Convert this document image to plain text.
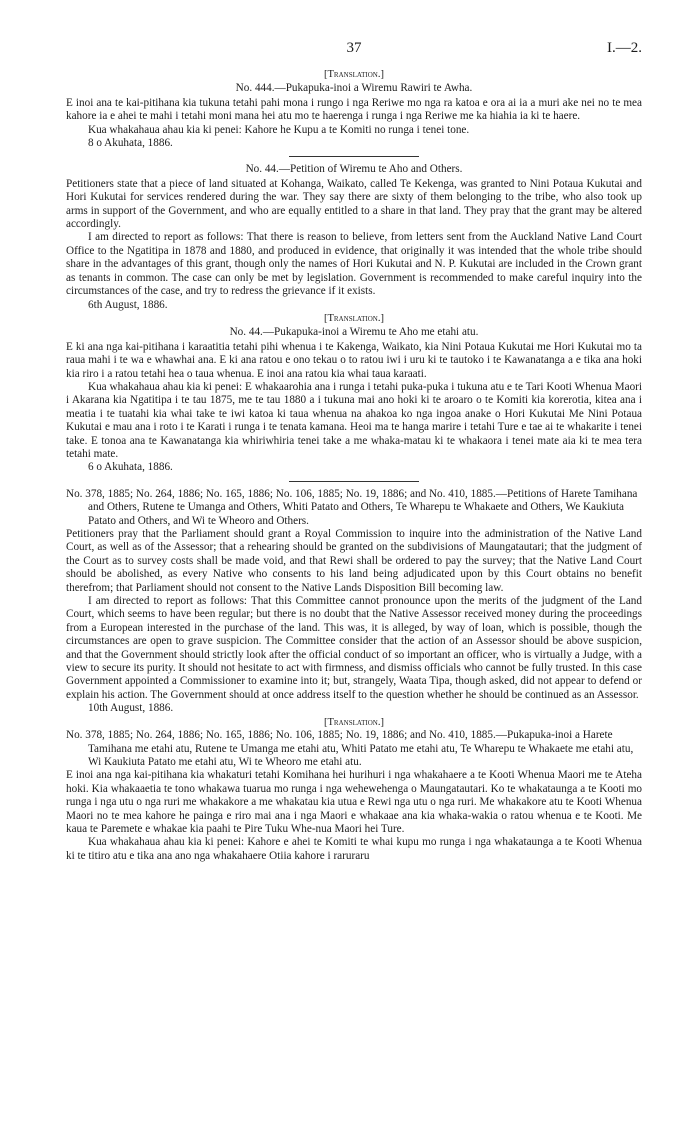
37	I.—2.
[Translation.]
No. 444.—Pukapuka-inoi a Wiremu Rawiri te Awha.

E inoi ana te kai-pitihana kia tukuna tetahi pahi mona i rungo i nga Reriwe mo nga ra katoa e ora ai ia a muri ake nei no te mea kahore ia e ahei te mahi i tetahi moni mana hei atu mo te haerenga i runga i nga Reriwe me ka hiahia ia ki te haere.

Kua whakahaua ahau kia ki penei: Kahore he Kupu a te Komiti no runga i tenei tone.

8 o Akuhata, 1886.
No. 44.—Petition of Wiremu te Aho and Others.

Petitioners state that a piece of land situated at Kohanga, Waikato, called Te Kekenga, was granted to Nini Potaua Kukutai and Hori Kukutai for services rendered during the war. They say there are sixty of them belonging to the tribe, who also took up arms in support of the Government, and who are equally entitled to a share in that land. They pray that the grant may be altered accordingly.

I am directed to report as follows: That there is reason to believe, from letters sent from the Auckland Native Land Court Office to the Ngatitipa in 1878 and 1880, and produced in evidence, that originally it was intended that the whole tribe should share in the advantages of this grant, though only the names of Hori Kukutai and N. P. Kukutai are included in the Crown grant as tenants in common. The case can only be met by legislation. Government is recommended to make careful inquiry into the circumstances of the case, and try to redress the grievance if it exists.

6th August, 1886.
[Translation.]
No. 44.—Pukapuka-inoi a Wiremu te Aho me etahi atu.

E ki ana nga kai-pitihana i karaatitia tetahi pihi whenua i te Kakenga, Waikato, kia Nini Potaua Kukutai me Hori Kukutai mo ta raua mahi i te wa e whawhai ana. E ki ana ratou e ono tekau o to ratou iwi i uru ki te tautoko i te Kawanatanga a e tika ana hoki kia riro i a ratou tetahi hea o taua whenua. E inoi ana ratou kia whai taua karaati.

Kua whakahaua ahau kia ki penei: E whakaarohia ana i runga i tetahi puka-puka i tukuna atu e te Tari Kooti Whenua Maori i Akarana kia Ngatitipa i te tau 1875, me te tau 1880 a i tukuna mai ano hoki ki te aroaro o te Komiti kia korerotia, kitea ana i meatia i te tuatahi kia whai take te iwi katoa ki taua whenua na ahakoa ko nga ingoa anake o Hori Kukutai Me Nini Potaua Kukutai e mau ana i roto i te Karati i runga i te tenata kamana. Heoi ma te hanga marire i tetahi Ture e tae ai te whakarite i tenei take. E tonoa ana te Kawanatanga kia whiriwhiria tenei take a me whaka-matau ki te whakaora i tenei mate aia ki te mea tera tetahi mate.

6 o Akuhata, 1886.

No. 378, 1885; No. 264, 1886; No. 165, 1886; No. 106, 1885; No. 19, 1886; and No. 410, 1885.—Petitions of Harete Tamihana and Others, Rutene te Umanga and Others, Whiti Patato and Others, Te Wharepu te Whakaete and Others, We Kaukiuta Patato and Others, and Wi te Wheoro and Others.

Petitioners pray that the Parliament should grant a Royal Commission to inquire into the administration of the Native Land Court, as well as of the Assessor; that a rehearing should be granted on the subdivisions of Maungatautari; that the judgment of the Court as to survey costs shall be made void, and that Rewi shall be ordered to pay the survey; that the Native Land Court should be abolished, as every Native who consents to his land being adjudicated upon by this Court obtains no benefit therefrom; that Parliament should not consent to the Native Lands Disposition Bill becoming law.

I am directed to report as follows: That this Committee cannot pronounce upon the merits of the judgment of the Land Court, which seems to have been regular; but there is no doubt that the Native Assessor received money during the proceedings from a European interested in the purchase of the land. This was, it is alleged, by way of loan, which is possible, though the circumstances are open to grave suspicion. The Committee consider that the action of an Assessor should be above suspicion, and that the Government should strictly look after the official conduct of so important an officer, who is virtually a Judge, with a view to secure its purity. It should not hesitate to act with firmness, and dismiss officials who cannot be fully trusted. In this case Government appointed a Commissioner to examine into it; but, strangely, Waata Tipa, though asked, did not appear to defend or explain his action. The Government should at once address itself to the question whether he should be continued as an Assessor.

10th August, 1886.
[Translation.]

No. 378, 1885; No. 264, 1886; No. 165, 1886; No. 106, 1885; No. 19, 1886; and No. 410, 1885.—Pukapuka-inoi a Harete Tamihana me etahi atu, Rutene te Umanga me etahi atu, Whiti Patato me etahi atu, Te Wharepu te Whakaete me etahi atu, Wi Kaukiuta Patato me etahi atu, Wi te Wheoro me etahi atu.

E inoi ana nga kai-pitihana kia whakaturi tetahi Komihana hei hurihuri i nga whakahaere a te Kooti Whenua Maori me te Ateha hoki. Kia whakaaetia te tono whakawa tuarua mo runga i nga wehewehenga o Maungatautari. Ko te whakataunga a te Kooti mo runga i nga utu o nga ruri me whakakore a me whakatau kia utua e Rewi nga utu o nga ruri. Me whakakore atu te Kooti Whenua Maori no te mea kahore he painga e riro mai ana i nga Maori e whakaae ana kia whaka-wakia o ratou whenua e te Kooti. Me kaua te Paremete e whakae kia paahi te Pire Tuku Whe-nua Maori hei Ture.

Kua whakahaua ahau kia ki penei: Kahore e ahei te Komiti te whai kupu mo runga i nga whakataunga a te Kooti Whenua ki te titiro atu e tika ana ano nga whakahaere Otiia kahore i raruraru
